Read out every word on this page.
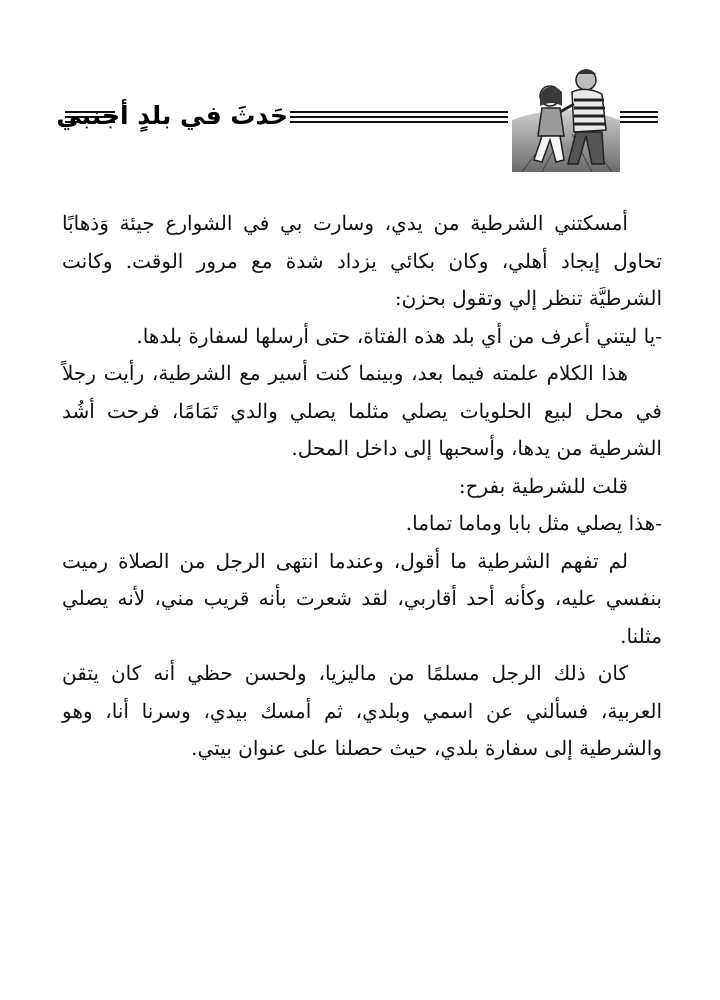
حَدثَ في بلدٍ أجنبي

أمسكتني الشرطية من يدي، وسارت بي في الشوارع جيئة وَذهابًا تحاول إيجاد أهلي، وكان بكائي يزداد شدة مع مرور الوقت. وكانت الشرطيَّة تنظر إلي وتقول بحزن:

-يا ليتني أعرف من أي بلد هذه الفتاة، حتى أرسلها لسفارة بلدها.

هذا الكلام علمته فيما بعد، وبينما كنت أسير مع الشرطية، رأيت رجلاً في محل لبيع الحلويات يصلي مثلما يصلي والدي تَمَامًا، فرحت أشُد الشرطية من يدها، وأسحبها إلى داخل المحل.

قلت للشرطية بفرح:

-هذا يصلي مثل بابا وماما تماما.

لم تفهم الشرطية ما أقول، وعندما انتهى الرجل من الصلاة رميت بنفسي عليه، وكأنه أحد أقاربي، لقد شعرت بأنه قريب مني، لأنه يصلي مثلنا.

كان ذلك الرجل مسلمًا من ماليزيا، ولحسن حظي أنه كان يتقن العربية، فسألني عن اسمي وبلدي، ثم أمسك بيدي، وسرنا أنا، وهو والشرطية إلى سفارة بلدي، حيث حصلنا على عنوان بيتي.
